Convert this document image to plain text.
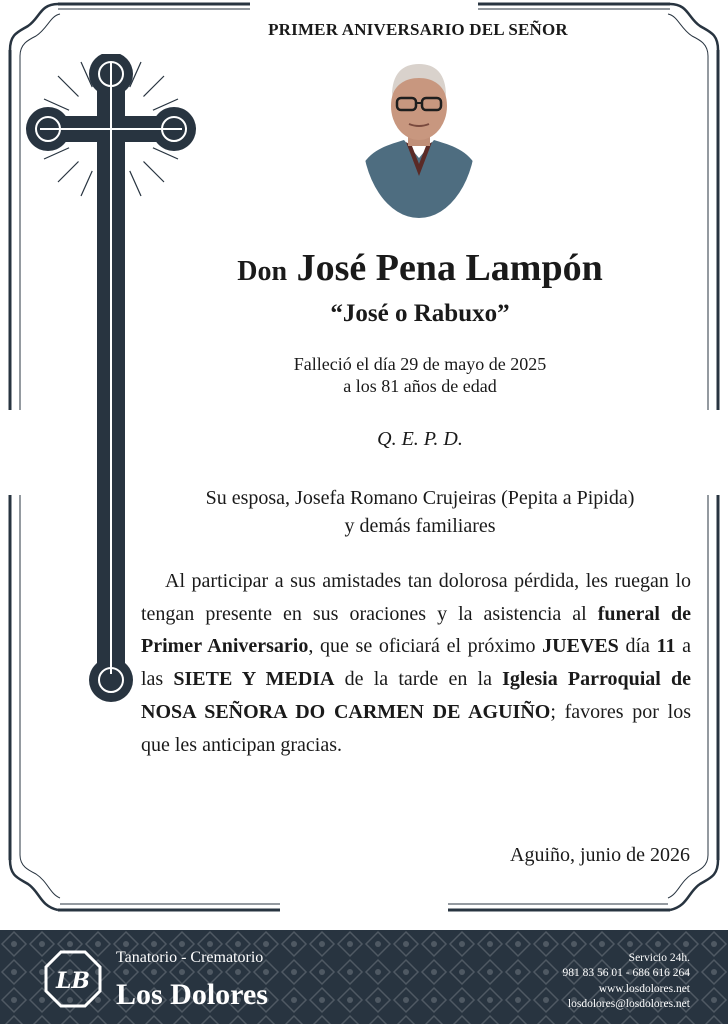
PRIMER ANIVERSARIO DEL SEÑOR
Don José Pena Lampón
“José o Rabuxo”
Falleció el día 29 de mayo de 2025
a los 81 años de edad
Q. E. P. D.
Su esposa, Josefa Romano Crujeiras (Pepita a Pipida)
y demás familiares
Al participar a sus amistades tan dolorosa pérdida, les ruegan lo tengan presente en sus oraciones y la asistencia al funeral de Primer Aniversario, que se oficiará el próximo JUEVES día 11 a las SIETE Y MEDIA de la tarde en la Iglesia Parroquial de NOSA SEÑORA DO CARMEN DE AGUIÑO; favores por los que les anticipan gracias.
Aguiño, junio de 2026
LB
Tanatorio - Crematorio
Los Dolores
Servicio 24h.
981 83 56 01 - 686 616 264
www.losdolores.net
losdolores@losdolores.net
